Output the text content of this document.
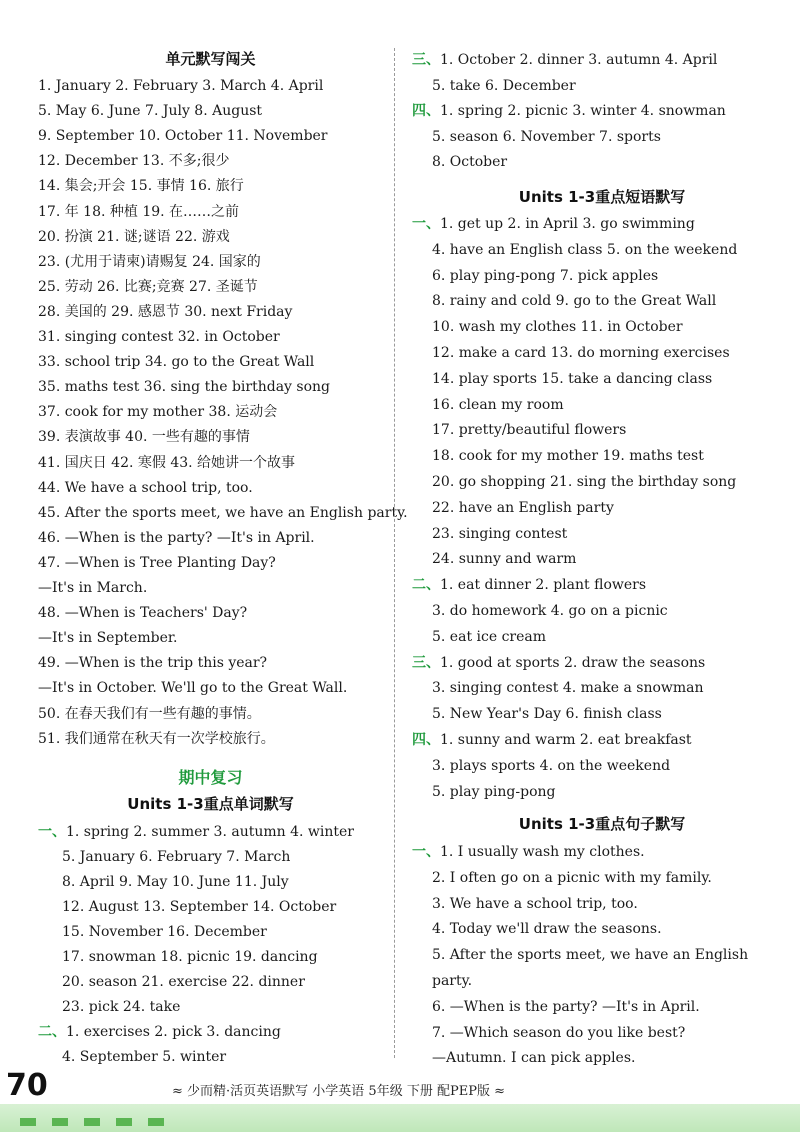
单元默写闯关
1. January 2. February 3. March 4. April
5. May 6. June 7. July 8. August
9. September 10. October 11. November
12. December 13. 不多;很少
14. 集会;开会 15. 事情 16. 旅行
17. 年 18. 种植 19. 在……之前
20. 扮演 21. 谜;谜语 22. 游戏
23. (尤用于请柬)请赐复 24. 国家的
25. 劳动 26. 比赛;竞赛 27. 圣诞节
28. 美国的 29. 感恩节 30. next Friday
31. singing contest 32. in October
33. school trip 34. go to the Great Wall
35. maths test 36. sing the birthday song
37. cook for my mother 38. 运动会
39. 表演故事 40. 一些有趣的事情
41. 国庆日 42. 寒假 43. 给她讲一个故事
44. We have a school trip, too.
45. After the sports meet, we have an English party.
46. —When is the party? —It's in April.
47. —When is Tree Planting Day?
—It's in March.
48. —When is Teachers' Day?
—It's in September.
49. —When is the trip this year?
—It's in October. We'll go to the Great Wall.
50. 在春天我们有一些有趣的事情。
51. 我们通常在秋天有一次学校旅行。
期中复习
Units 1-3重点单词默写
一、1. spring 2. summer 3. autumn 4. winter
5. January 6. February 7. March
8. April 9. May 10. June 11. July
12. August 13. September 14. October
15. November 16. December
17. snowman 18. picnic 19. dancing
20. season 21. exercise 22. dinner
23. pick 24. take
二、1. exercises 2. pick 3. dancing
4. September 5. winter
三、1. October 2. dinner 3. autumn 4. April
5. take 6. December
四、1. spring 2. picnic 3. winter 4. snowman
5. season 6. November 7. sports
8. October
Units 1-3重点短语默写
一、1. get up 2. in April 3. go swimming
4. have an English class 5. on the weekend
6. play ping-pong 7. pick apples
8. rainy and cold 9. go to the Great Wall
10. wash my clothes 11. in October
12. make a card 13. do morning exercises
14. play sports 15. take a dancing class
16. clean my room
17. pretty/beautiful flowers
18. cook for my mother 19. maths test
20. go shopping 21. sing the birthday song
22. have an English party
23. singing contest
24. sunny and warm
二、1. eat dinner 2. plant flowers
3. do homework 4. go on a picnic
5. eat ice cream
三、1. good at sports 2. draw the seasons
3. singing contest 4. make a snowman
5. New Year's Day 6. finish class
四、1. sunny and warm 2. eat breakfast
3. plays sports 4. on the weekend
5. play ping-pong
Units 1-3重点句子默写
一、1. I usually wash my clothes.
2. I often go on a picnic with my family.
3. We have a school trip, too.
4. Today we'll draw the seasons.
5. After the sports meet, we have an English
party.
6. —When is the party? —It's in April.
7. —Which season do you like best?
—Autumn. I can pick apples.
70	≈ 少而精·活页英语默写 小学英语 5年级 下册 配PEP版 ≈
